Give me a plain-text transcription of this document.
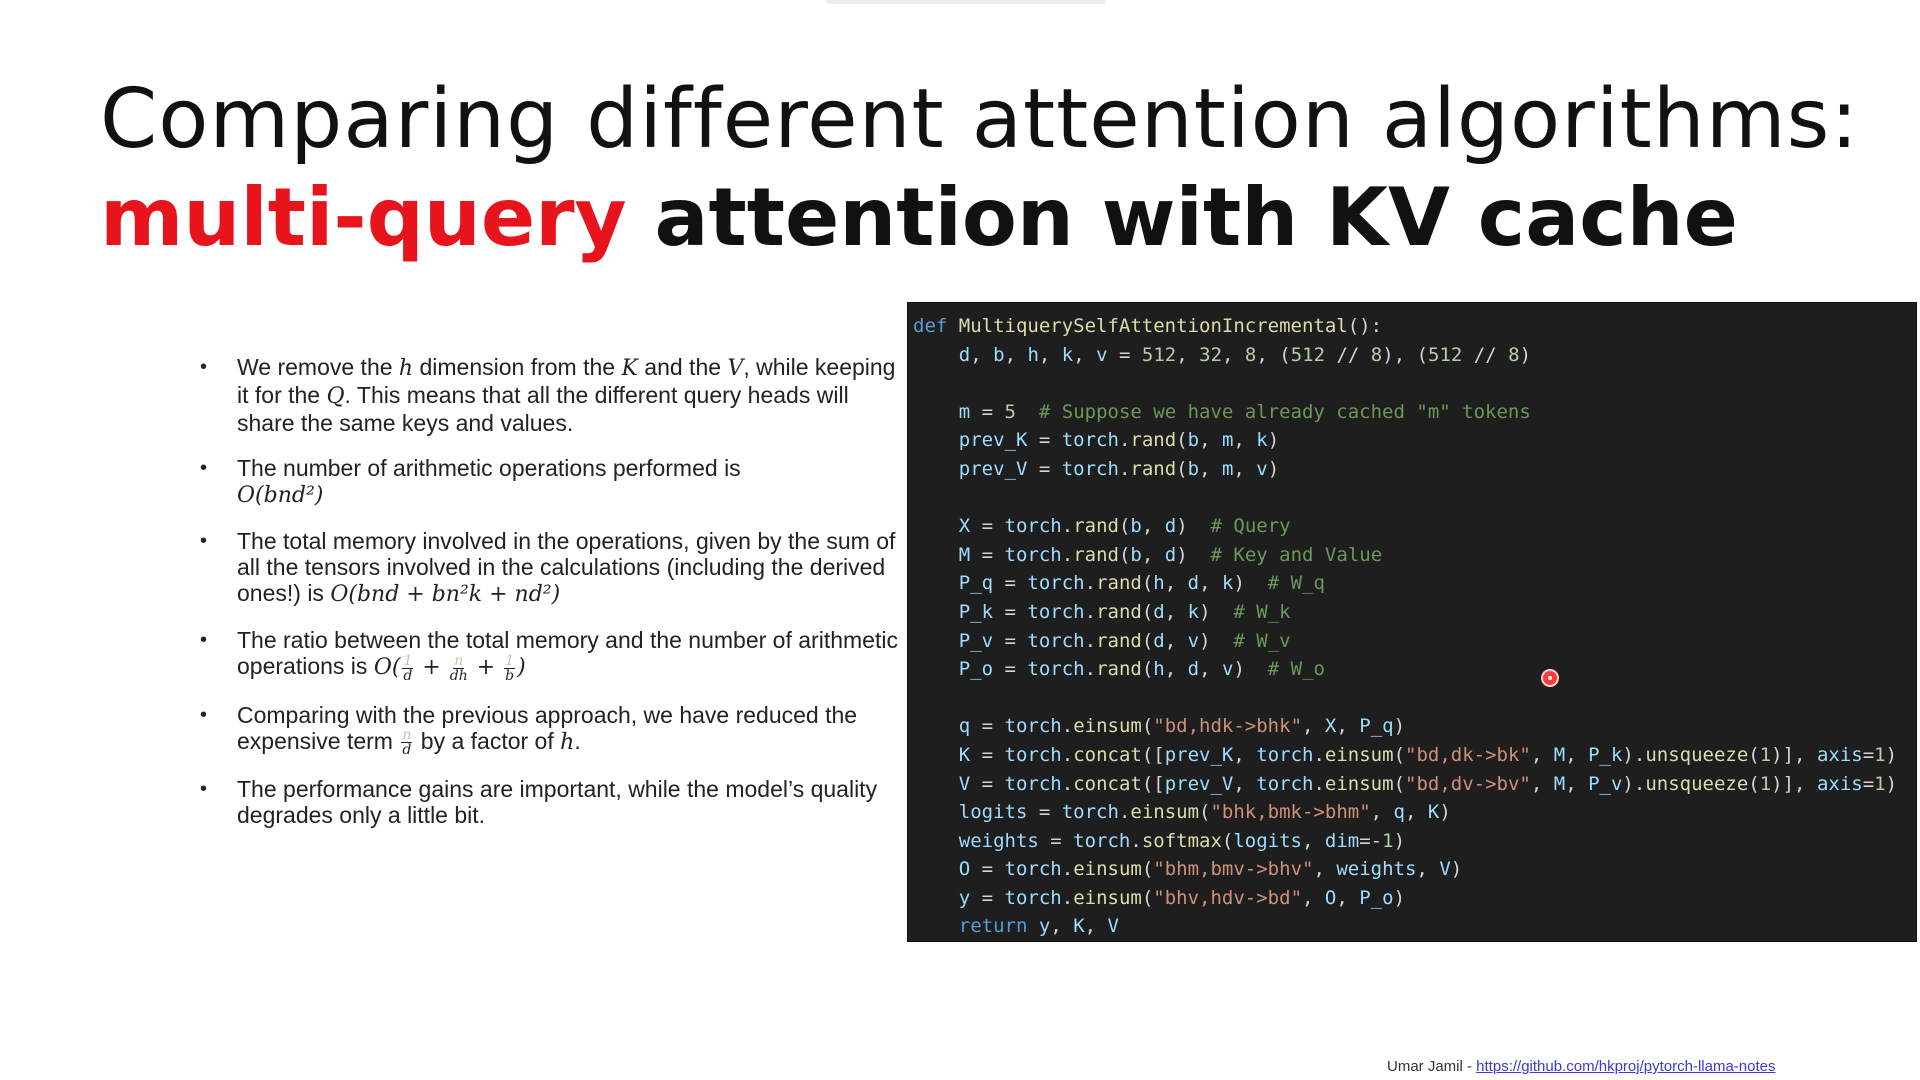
Comparing different attention algorithms:
multi-query attention with KV cache
• We remove the h dimension from the K and the V, while keeping it for the Q. This means that all the different query heads will share the same keys and values.
• The number of arithmetic operations performed is
O(bnd²)
• The total memory involved in the operations, given by the sum of all the tensors involved in the calculations (including the derived ones!) is O(bnd + bn²k + nd²)
• The ratio between the total memory and the number of arithmetic operations is $O( \frac{1}{d} + \frac{n}{dh} + \frac{1}{b}$ )
• Comparing with the previous approach, we have reduced the expensive term $\frac{n}{d}$ by a factor of h.
• The performance gains are important, while the model’s quality degrades only a little bit.
def MultiquerySelfAttentionIncremental():
d, b, h, k, v = 512, 32, 8, (512 // 8), (512 // 8)
m = 5 # Suppose we have already cached "m" tokens
prev_K = torch.rand(b, m, k)
prev_V = torch.rand(b, m, v)
X = torch.rand(b, d)  # Query
M = torch.rand(b, d)  # Key and Value
P_q = torch.rand(h, d, k)  # W_q
P_k = torch.rand(d, k)  # W_k
P_v = torch.rand(d, v)  # W_v
P_o = torch.rand(h, d, v)  # W_o
q = torch.einsum("bd,hdk->bhk", X, P_q)
K = torch.concat([prev_K, torch.einsum("bd,dk->bk", M, P_k).unsqueeze(1)], axis=1)
V = torch.concat([prev_V, torch.einsum("bd,dv->bv", M, P_v).unsqueeze(1)], axis=1)
logits = torch.einsum("bhk,bmk->bhm", q, K)
weights = torch.softmax(logits, dim=-1)
O = torch.einsum("bhm,bmv->bhv", weights, V)
y = torch.einsum("bhv,hdv->bd", O, P_o)
return y, K, V
Umar Jamil - https://github.com/hkproj/pytorch-llama-notes
